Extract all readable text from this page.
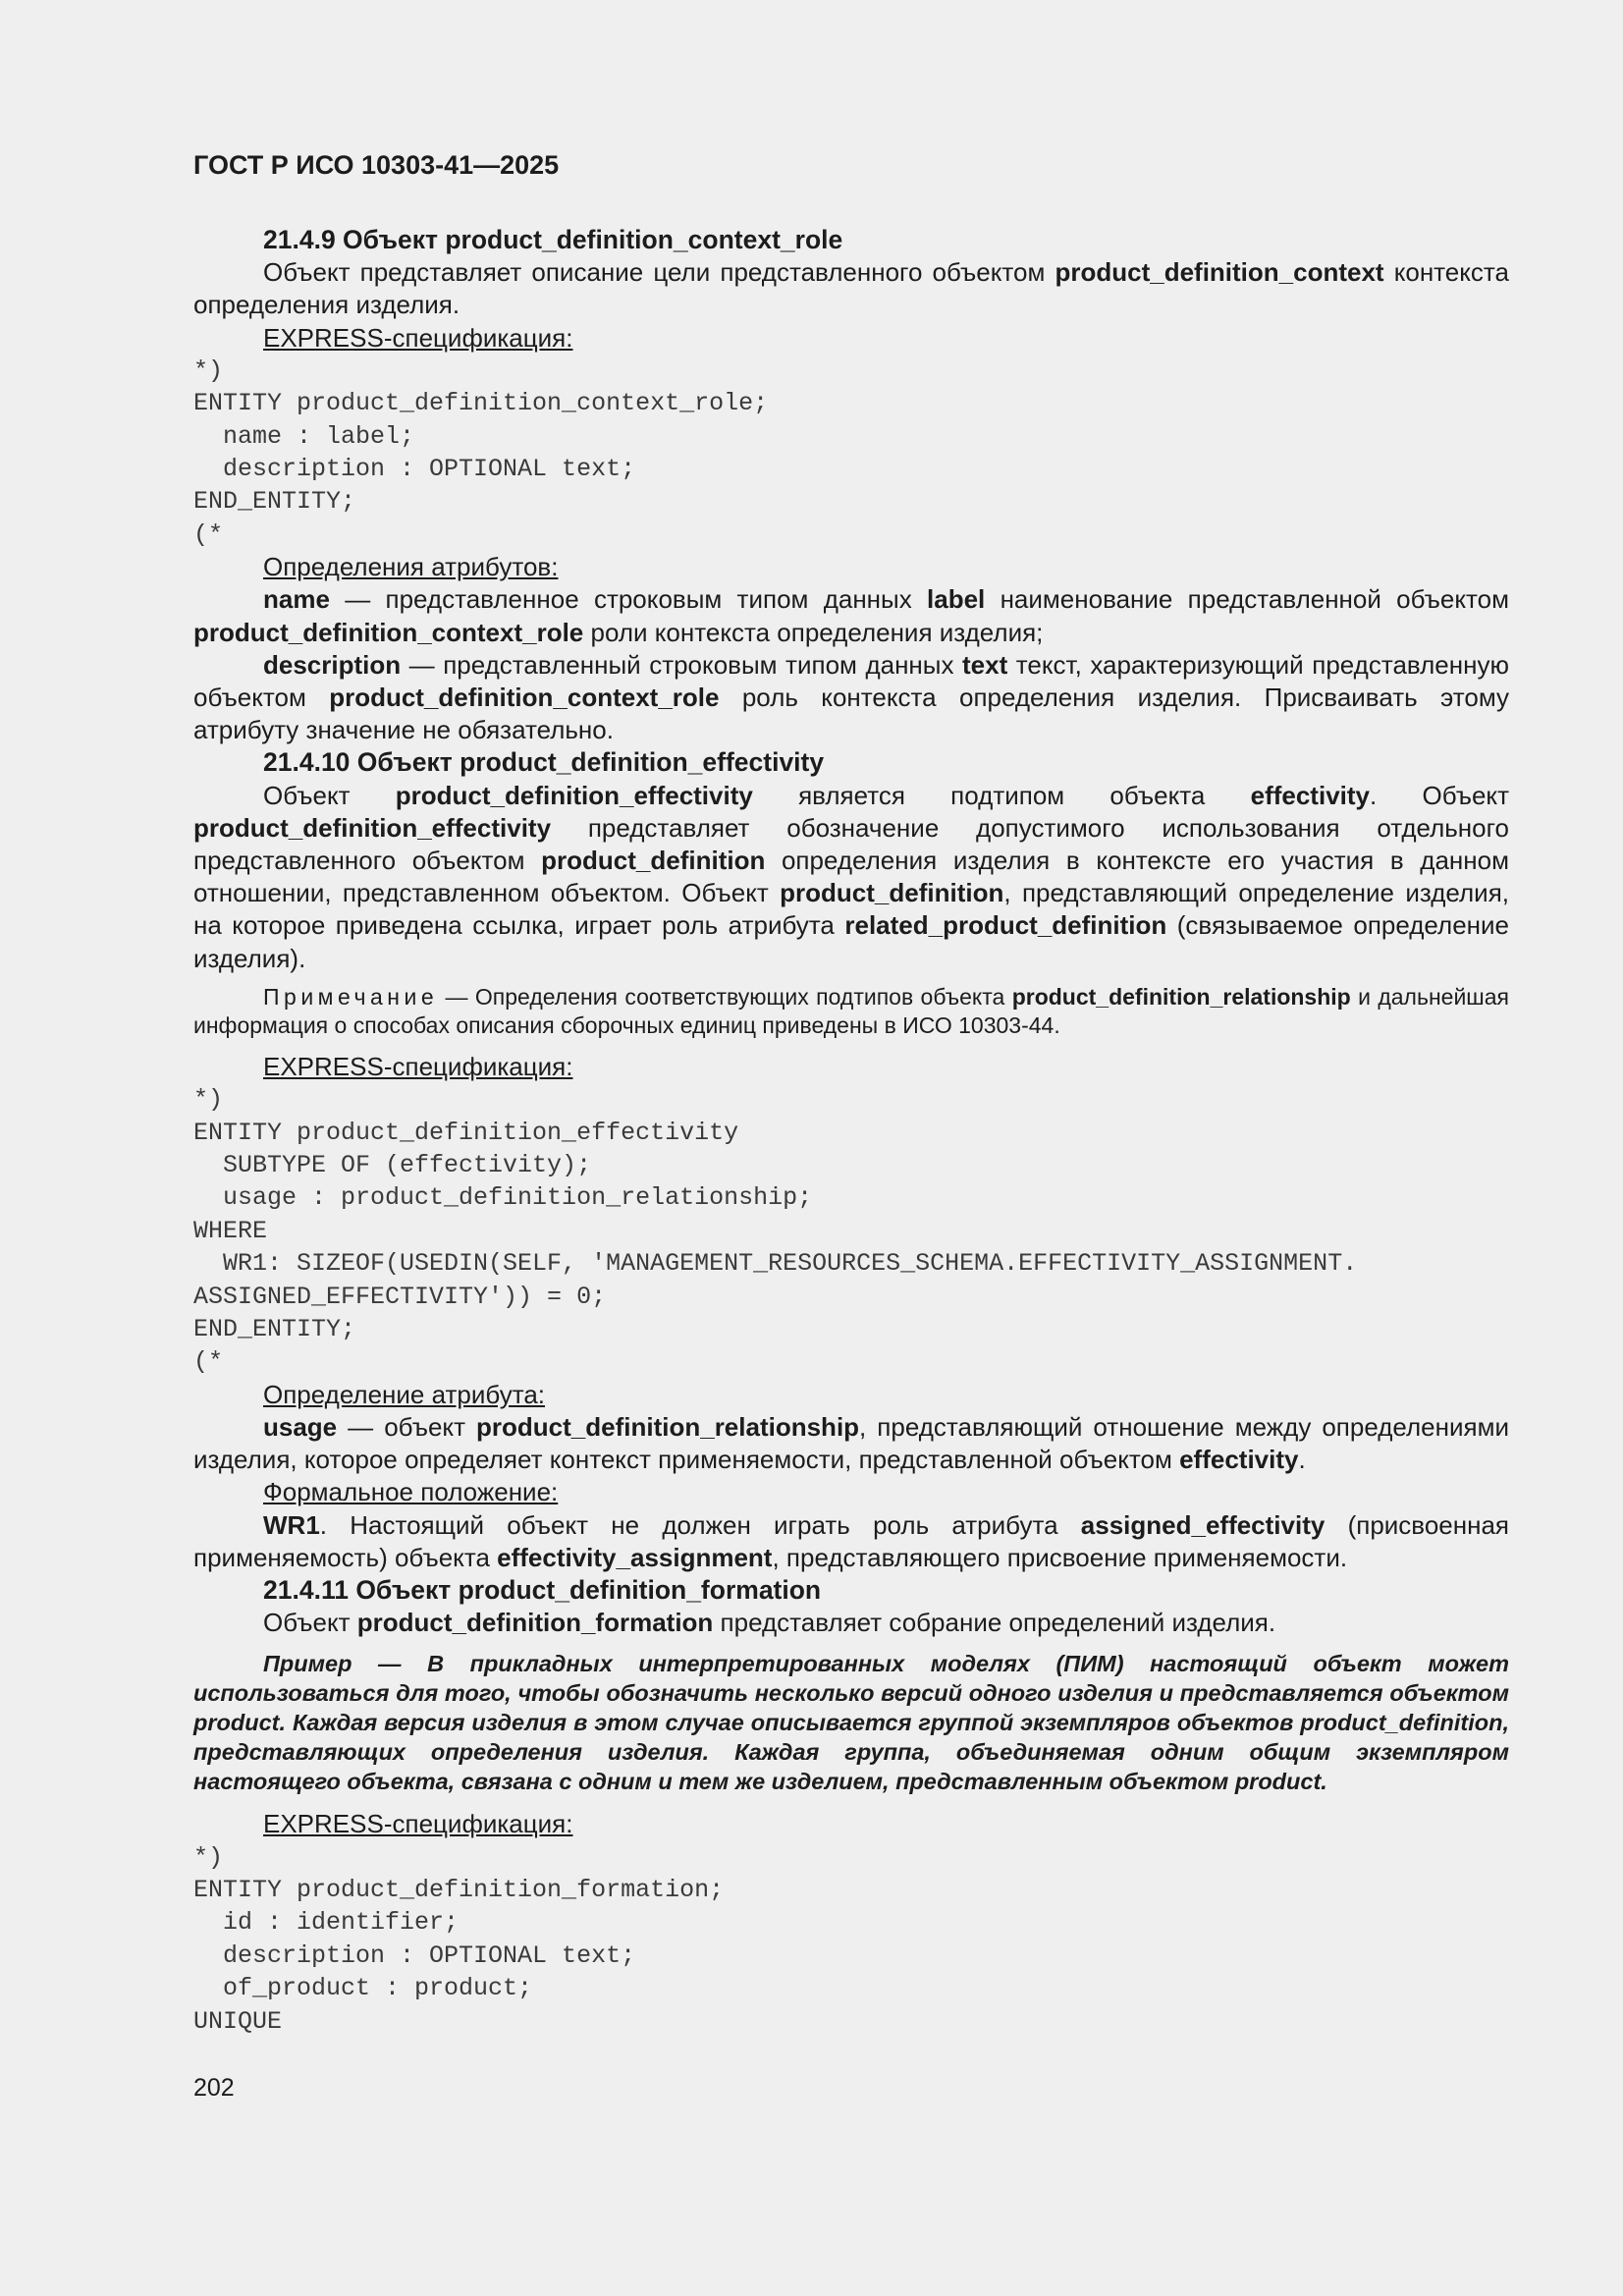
ГОСТ Р ИСО 10303-41—2025

21.4.9 Объект product_definition_context_role

Объект представляет описание цели представленного объектом product_definition_context контекста определения изделия.

EXPRESS-спецификация:

*)
ENTITY product_definition_context_role;
name : label;
description : OPTIONAL text;
END_ENTITY;
(*

Определения атрибутов:

name — представленное строковым типом данных label наименование представленной объектом product_definition_context_role роли контекста определения изделия;

description — представленный строковым типом данных text текст, характеризующий представленную объектом product_definition_context_role роль контекста определения изделия. Присваивать этому атрибуту значение не обязательно.

21.4.10 Объект product_definition_effectivity

Объект product_definition_effectivity является подтипом объекта effectivity. Объект product_definition_effectivity представляет обозначение допустимого использования отдельного представленного объектом product_definition определения изделия в контексте его участия в данном отношении, представленном объектом. Объект product_definition, представляющий определение изделия, на которое приведена ссылка, играет роль атрибута related_product_definition (связываемое определение изделия).

Примечание — Определения соответствующих подтипов объекта product_definition_relationship и дальнейшая информация о способах описания сборочных единиц приведены в ИСО 10303-44.

EXPRESS-спецификация:

*)
ENTITY product_definition_effectivity
SUBTYPE OF (effectivity);
usage : product_definition_relationship;
WHERE
WR1: SIZEOF(USEDIN(SELF, 'MANAGEMENT_RESOURCES_SCHEMA.EFFECTIVITY_ASSIGNMENT.
ASSIGNED_EFFECTIVITY')) = 0;
END_ENTITY;
(*

Определение атрибута:

usage — объект product_definition_relationship, представляющий отношение между определениями изделия, которое определяет контекст применяемости, представленной объектом effectivity.

Формальное положение:

WR1. Настоящий объект не должен играть роль атрибута assigned_effectivity (присвоенная применяемость) объекта effectivity_assignment, представляющего присвоение применяемости.

21.4.11 Объект product_definition_formation

Объект product_definition_formation представляет собрание определений изделия.

Пример — В прикладных интерпретированных моделях (ПИМ) настоящий объект может использоваться для того, чтобы обозначить несколько версий одного изделия и представляется объектом product. Каждая версия изделия в этом случае описывается группой экземпляров объектов product_definition, представляющих определения изделия. Каждая группа, объединяемая одним общим экземпляром настоящего объекта, связана с одним и тем же изделием, представленным объектом product.

EXPRESS-спецификация:

*)
ENTITY product_definition_formation;
id : identifier;
description : OPTIONAL text;
of_product : product;
UNIQUE
202
